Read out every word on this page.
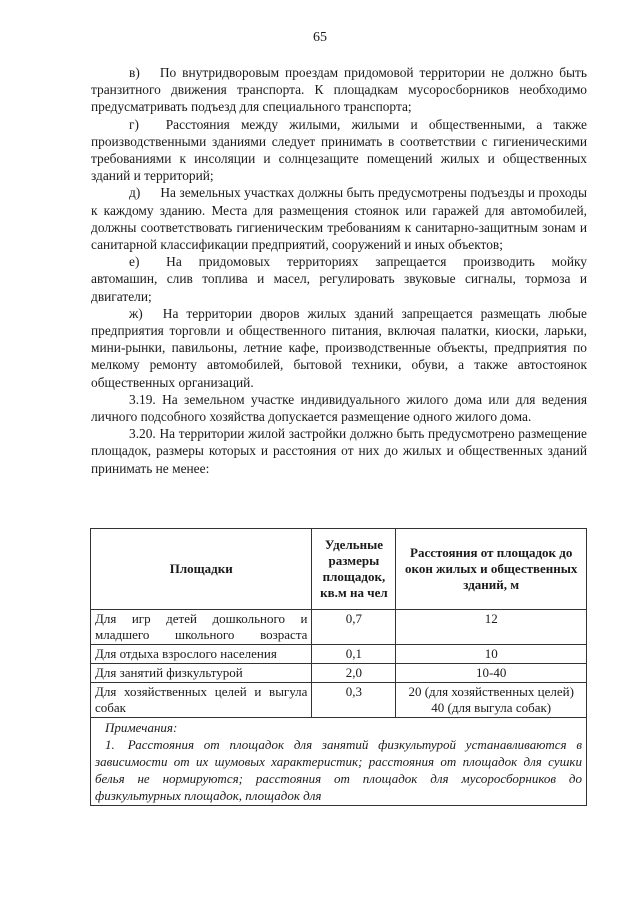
65

в)  По внутридворовым проездам придомовой территории не должно быть транзитного движения транспорта. К площадкам мусоросборников необходимо предусматривать подъезд для специального транспорта;

г)  Расстояния между жилыми, жилыми и общественными, а также производственными зданиями следует принимать в соответствии с гигиеническими требованиями к инсоляции и солнцезащите помещений жилых и общественных зданий и территорий;

д)  На земельных участках должны быть предусмотрены подъезды и проходы к каждому зданию. Места для размещения стоянок или гаражей для автомобилей, должны соответствовать гигиеническим требованиям к санитарно-защитным зонам и санитарной классификации предприятий, сооружений и иных объектов;

е)  На придомовых территориях запрещается производить мойку автомашин, слив топлива и масел, регулировать звуковые сигналы, тормоза и двигатели;

ж)  На территории дворов жилых зданий запрещается размещать любые предприятия торговли и общественного питания, включая палатки, киоски, ларьки, мини-рынки, павильоны, летние кафе, производственные объекты, предприятия по мелкому ремонту автомобилей, бытовой техники, обуви, а также автостоянок общественных организаций.

3.19. На земельном участке индивидуального жилого дома или для ведения личного подсобного хозяйства допускается размещение одного жилого дома.

3.20. На территории жилой застройки должно быть предусмотрено размещение площадок, размеры которых и расстояния от них до жилых и общественных зданий принимать не менее:

Площадки	Удельные размеры площадок, кв.м на чел	Расстояния от площадок до окон жилых и общественных зданий, м
Для игр детей дошкольного и младшего школьного возраста	0,7	12
Для отдыха взрослого населения	0,1	10
Для занятий физкультурой	2,0	10-40
Для хозяйственных целей и выгула собак	0,3	20 (для хозяйственных целей)
40 (для выгула собак)

Примечания:
1. Расстояния от площадок для занятий физкультурой устанавливаются в зависимости от их шумовых характеристик; расстояния от площадок для сушки белья не нормируются; расстояния от площадок для мусоросборников до физкультурных площадок, площадок для		
